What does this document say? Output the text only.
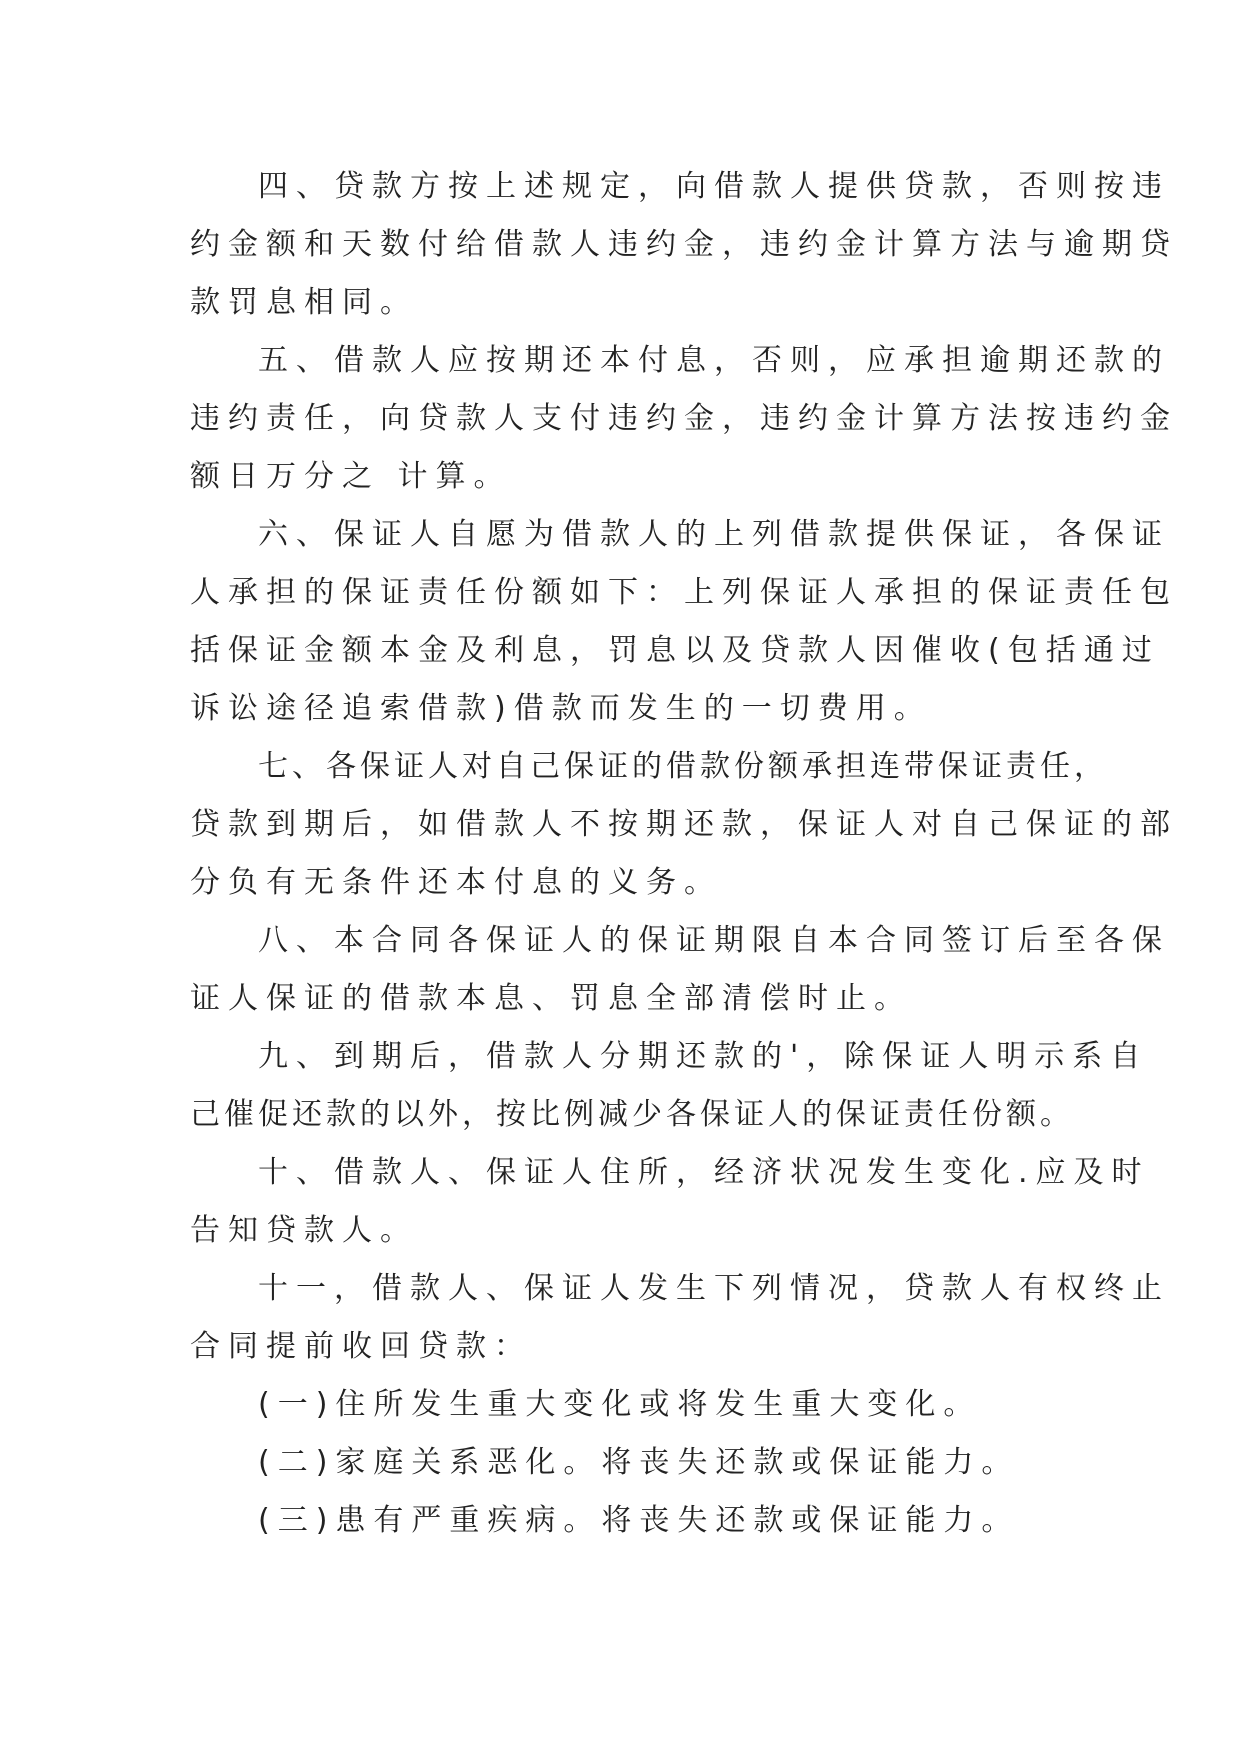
四、贷款方按上述规定，向借款人提供贷款，否则按违
约金额和天数付给借款人违约金，违约金计算方法与逾期贷
款罚息相同。
五、借款人应按期还本付息，否则，应承担逾期还款的
违约责任，向贷款人支付违约金，违约金计算方法按违约金
额日万分之 计算。
六、保证人自愿为借款人的上列借款提供保证，各保证
人承担的保证责任份额如下：上列保证人承担的保证责任包
括保证金额本金及利息，罚息以及贷款人因催收(包括通过
诉讼途径追索借款)借款而发生的一切费用。
七、各保证人对自己保证的借款份额承担连带保证责任，
贷款到期后，如借款人不按期还款，保证人对自己保证的部
分负有无条件还本付息的义务。
八、本合同各保证人的保证期限自本合同签订后至各保
证人保证的借款本息、罚息全部清偿时止。
九、到期后，借款人分期还款的'，除保证人明示系自
己催促还款的以外，按比例减少各保证人的保证责任份额。
十、借款人、保证人住所，经济状况发生变化.应及时
告知贷款人。
十一，借款人、保证人发生下列情况，贷款人有权终止
合同提前收回贷款：
(一)住所发生重大变化或将发生重大变化。
(二)家庭关系恶化。将丧失还款或保证能力。
(三)患有严重疾病。将丧失还款或保证能力。
